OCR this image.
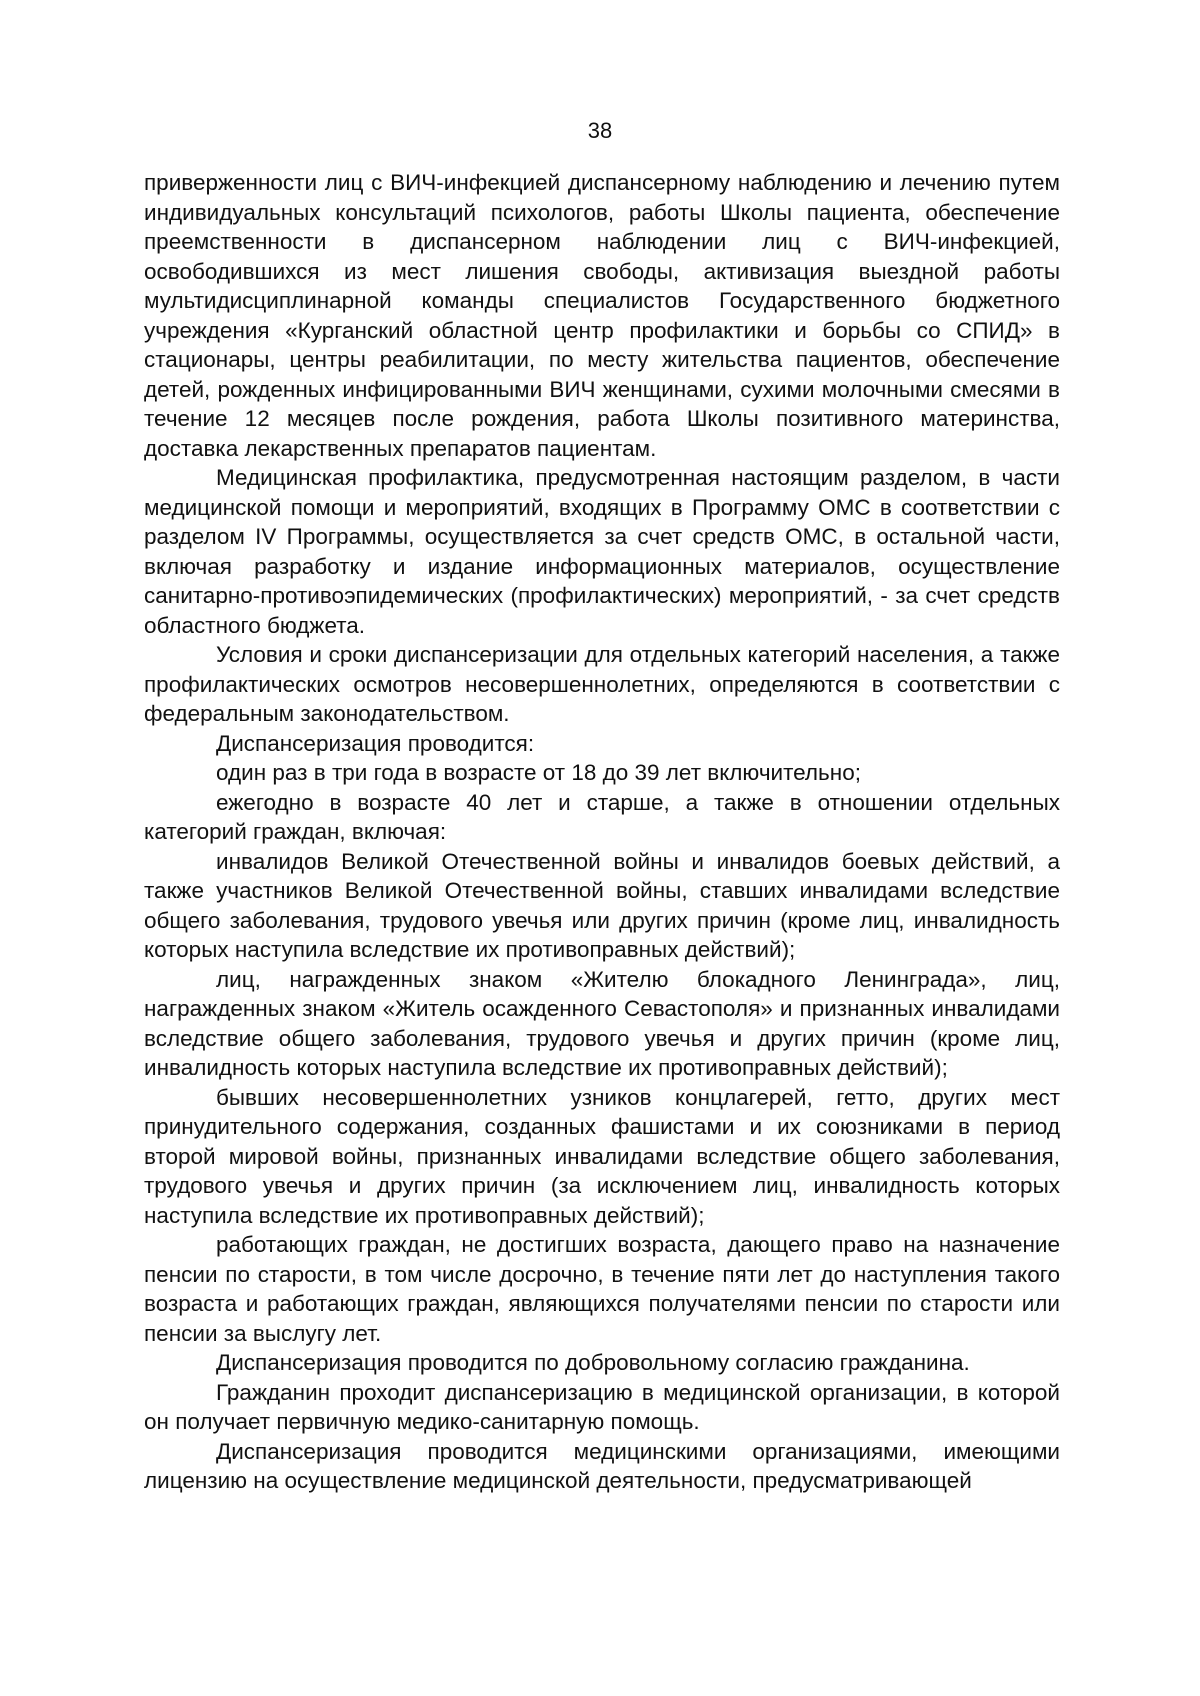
38

приверженности лиц с ВИЧ-инфекцией диспансерному наблюдению и лечению путем индивидуальных консультаций психологов, работы Школы пациента, обеспечение преемственности в диспансерном наблюдении лиц с ВИЧ-инфекцией, освободившихся из мест лишения свободы, активизация выездной работы мультидисциплинарной команды специалистов Государственного бюджетного учреждения «Курганский областной центр профилактики и борьбы со СПИД» в стационары, центры реабилитации, по месту жительства пациентов, обеспечение детей, рожденных инфицированными ВИЧ женщинами, сухими молочными смесями в течение 12 месяцев после рождения, работа Школы позитивного материнства, доставка лекарственных препаратов пациентам.

Медицинская профилактика, предусмотренная настоящим разделом, в части медицинской помощи и мероприятий, входящих в Программу ОМС в соответствии с разделом IV Программы, осуществляется за счет средств ОМС, в остальной части, включая разработку и издание информационных материалов, осуществление санитарно-противоэпидемических (профилактических) мероприятий, - за счет средств областного бюджета.

Условия и сроки диспансеризации для отдельных категорий населения, а также профилактических осмотров несовершеннолетних, определяются в соответствии с федеральным законодательством.

Диспансеризация проводится:

один раз в три года в возрасте от 18 до 39 лет включительно;

ежегодно в возрасте 40 лет и старше, а также в отношении отдельных категорий граждан, включая:

инвалидов Великой Отечественной войны и инвалидов боевых действий, а также участников Великой Отечественной войны, ставших инвалидами вследствие общего заболевания, трудового увечья или других причин (кроме лиц, инвалидность которых наступила вследствие их противоправных действий);

лиц, награжденных знаком «Жителю блокадного Ленинграда», лиц, награжденных знаком «Житель осажденного Севастополя» и признанных инвалидами вследствие общего заболевания, трудового увечья и других причин (кроме лиц, инвалидность которых наступила вследствие их противоправных действий);

бывших несовершеннолетних узников концлагерей, гетто, других мест принудительного содержания, созданных фашистами и их союзниками в период второй мировой войны, признанных инвалидами вследствие общего заболевания, трудового увечья и других причин (за исключением лиц, инвалидность которых наступила вследствие их противоправных действий);

работающих граждан, не достигших возраста, дающего право на назначение пенсии по старости, в том числе досрочно, в течение пяти лет до наступления такого возраста и работающих граждан, являющихся получателями пенсии по старости или пенсии за выслугу лет.

Диспансеризация проводится по добровольному согласию гражданина.

Гражданин проходит диспансеризацию в медицинской организации, в которой он получает первичную медико-санитарную помощь.

Диспансеризация проводится медицинскими организациями, имеющими лицензию на осуществление медицинской деятельности, предусматривающей
